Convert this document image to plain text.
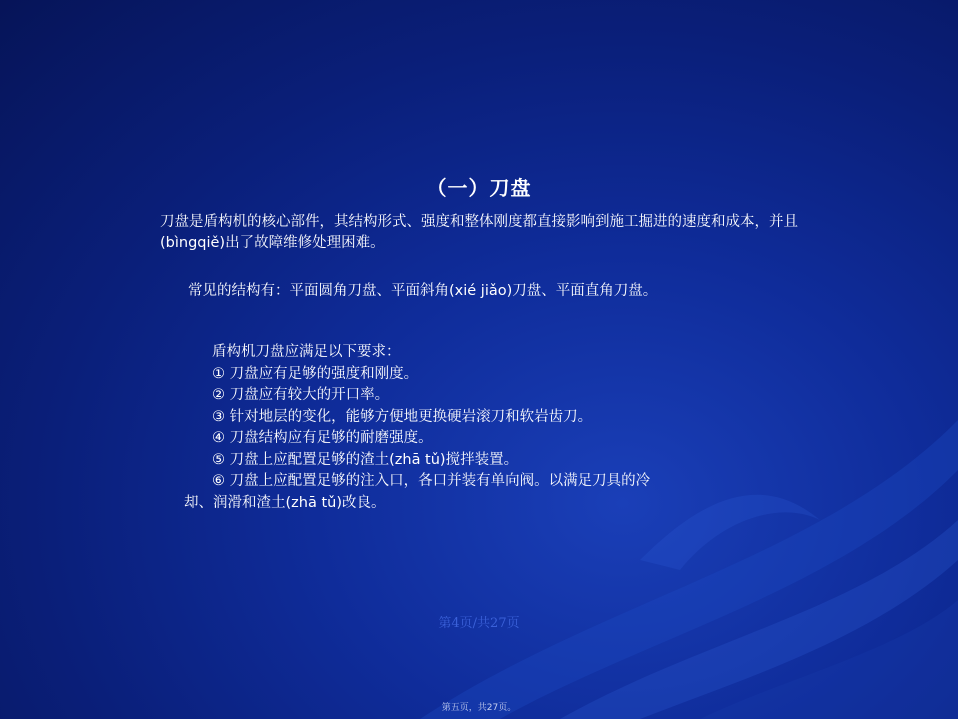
（一）刀盘

刀盘是盾构机的核心部件，其结构形式、强度和整体刚度都直接影响到施工掘进的速度和成本，并且(bìngqiě)出了故障维修处理困难。

常见的结构有：平面圆角刀盘、平面斜角(xié jiǎo)刀盘、平面直角刀盘。

盾构机刀盘应满足以下要求：
① 刀盘应有足够的强度和刚度。
② 刀盘应有较大的开口率。
③ 针对地层的变化，能够方便地更换硬岩滚刀和软岩齿刀。
④ 刀盘结构应有足够的耐磨强度。
⑤ 刀盘上应配置足够的渣土(zhā tǔ)搅拌装置。
⑥ 刀盘上应配置足够的注入口，各口并装有单向阀。以满足刀具的冷
却、润滑和渣土(zhā tǔ)改良。
第4页/共27页
第五页，共27页。
